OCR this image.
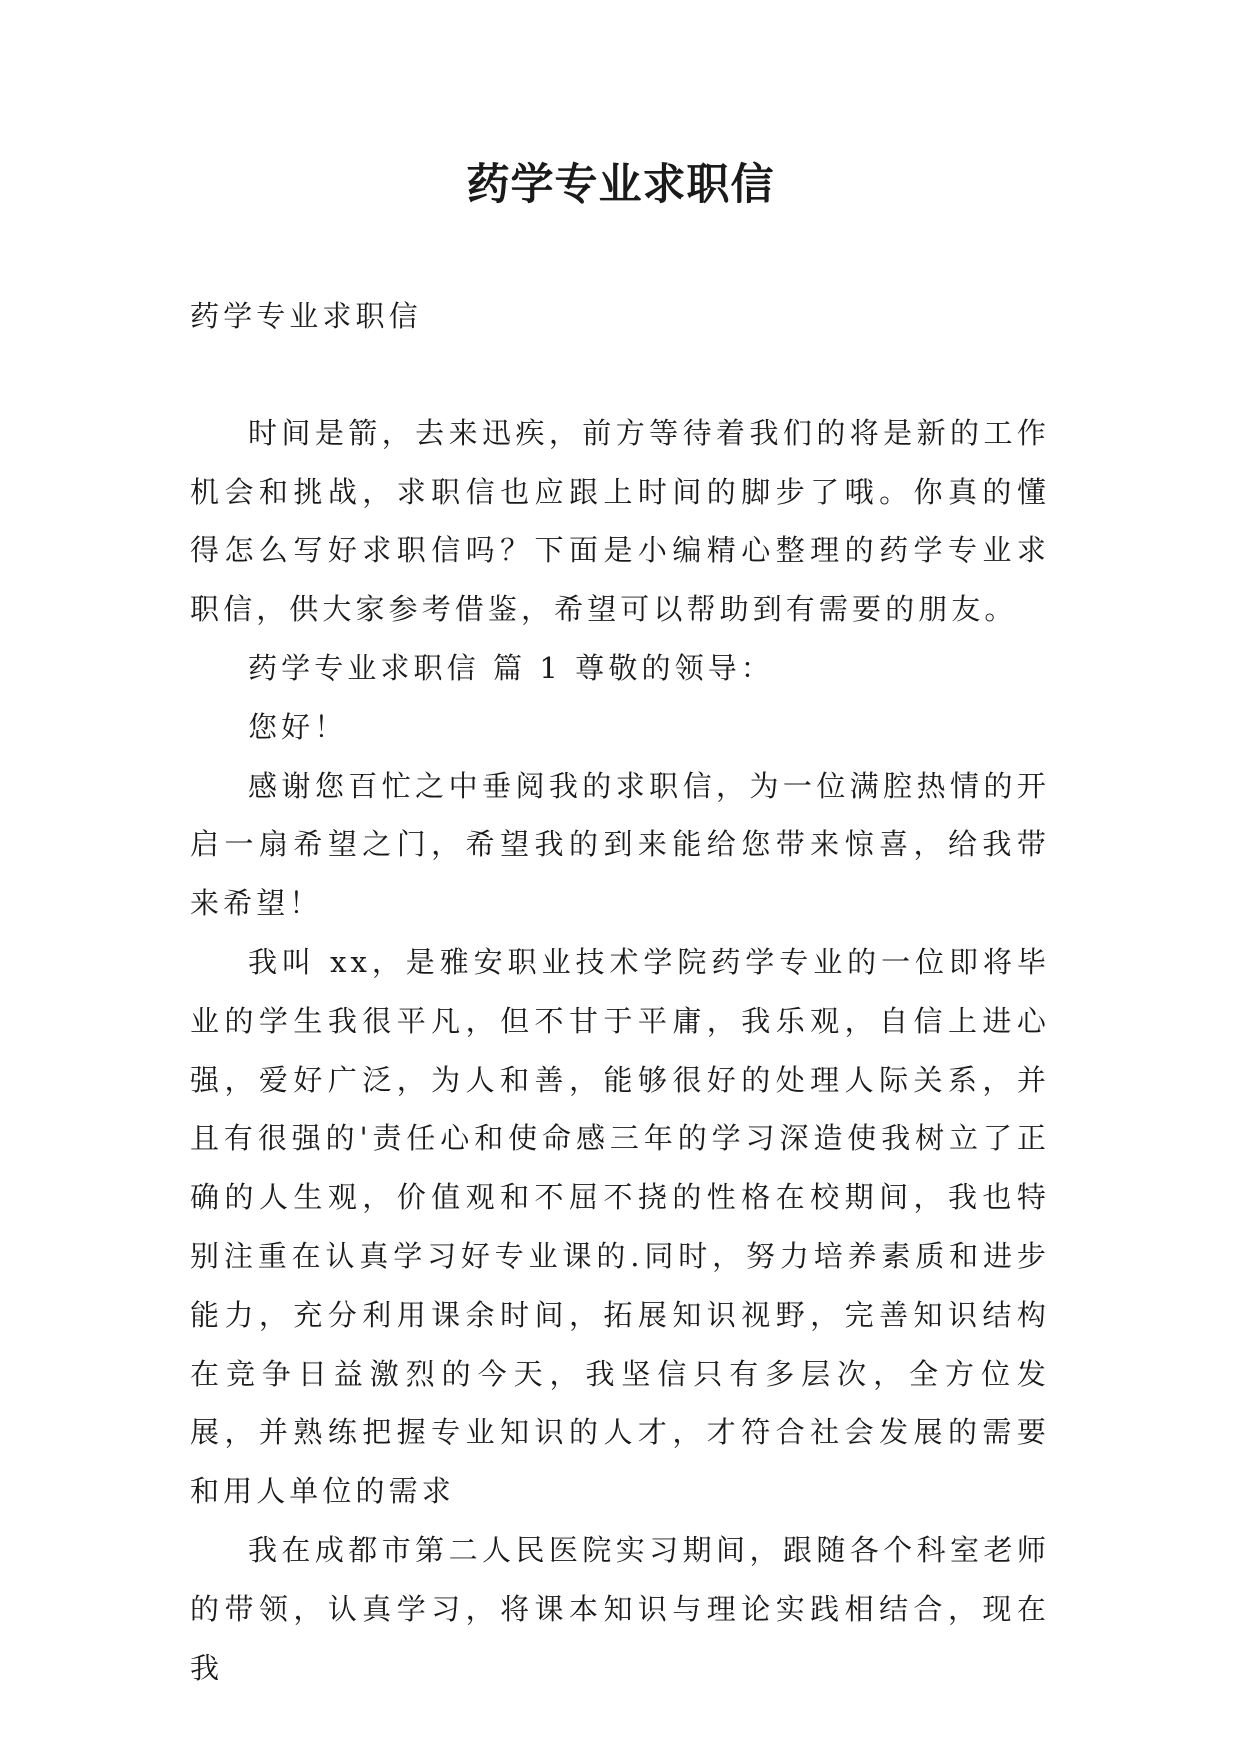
药学专业求职信

药学专业求职信

时间是箭，去来迅疾，前方等待着我们的将是新的工作机会和挑战，求职信也应跟上时间的脚步了哦。你真的懂得怎么写好求职信吗？下面是小编精心整理的药学专业求职信，供大家参考借鉴，希望可以帮助到有需要的朋友。

药学专业求职信 篇 1 尊敬的领导：

您好！

感谢您百忙之中垂阅我的求职信，为一位满腔热情的开启一扇希望之门，希望我的到来能给您带来惊喜，给我带来希望！

我叫 xx，是雅安职业技术学院药学专业的一位即将毕业的学生我很平凡，但不甘于平庸，我乐观，自信上进心强，爱好广泛，为人和善，能够很好的处理人际关系，并且有很强的'责任心和使命感三年的学习深造使我树立了正确的人生观，价值观和不屈不挠的性格在校期间，我也特别注重在认真学习好专业课的.同时，努力培养素质和进步能力，充分利用课余时间，拓展知识视野，完善知识结构在竞争日益激烈的今天，我坚信只有多层次，全方位发展，并熟练把握专业知识的人才，才符合社会发展的需要和用人单位的需求

我在成都市第二人民医院实习期间，跟随各个科室老师的带领，认真学习，将课本知识与理论实践相结合，现在我
